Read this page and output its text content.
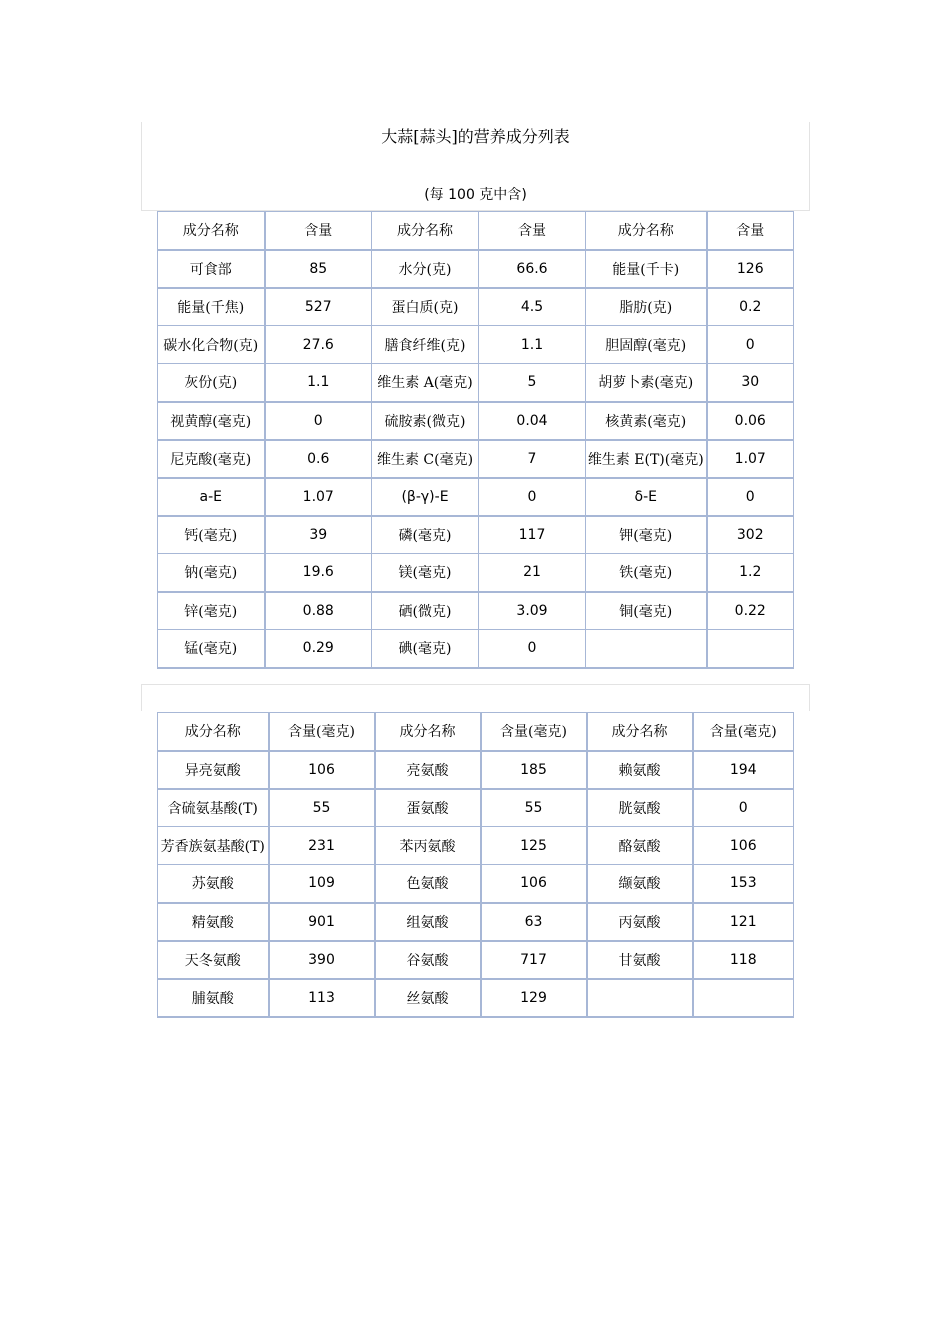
大蒜[蒜头]的营养成分列表
(每 100 克中含)
成分名称	含量	成分名称	含量	成分名称	含量
可食部	85	水分(克)	66.6	能量(千卡)	126
能量(千焦)	527	蛋白质(克)	4.5	脂肪(克)	0.2
碳水化合物(克)	27.6	膳食纤维(克)	1.1	胆固醇(毫克)	0
灰份(克)	1.1	维生素 A(毫克)	5	胡萝卜素(毫克)	30
视黄醇(毫克)	0	硫胺素(微克)	0.04	核黄素(毫克)	0.06
尼克酸(毫克)	0.6	维生素 C(毫克)	7	维生素 E(T)(毫克)	1.07
a-E	1.07	(β-γ)-E	0	δ-E	0
钙(毫克)	39	磷(毫克)	117	钾(毫克)	302
钠(毫克)	19.6	镁(毫克)	21	铁(毫克)	1.2
锌(毫克)	0.88	硒(微克)	3.09	铜(毫克)	0.22
锰(毫克)	0.29	碘(毫克)	0		
成分名称	含量(毫克)	成分名称	含量(毫克)	成分名称	含量(毫克)
异亮氨酸	106	亮氨酸	185	赖氨酸	194
含硫氨基酸(T)	55	蛋氨酸	55	胱氨酸	0
芳香族氨基酸(T)	231	苯丙氨酸	125	酪氨酸	106
苏氨酸	109	色氨酸	106	缬氨酸	153
精氨酸	901	组氨酸	63	丙氨酸	121
天冬氨酸	390	谷氨酸	717	甘氨酸	118
脯氨酸	113	丝氨酸	129		
